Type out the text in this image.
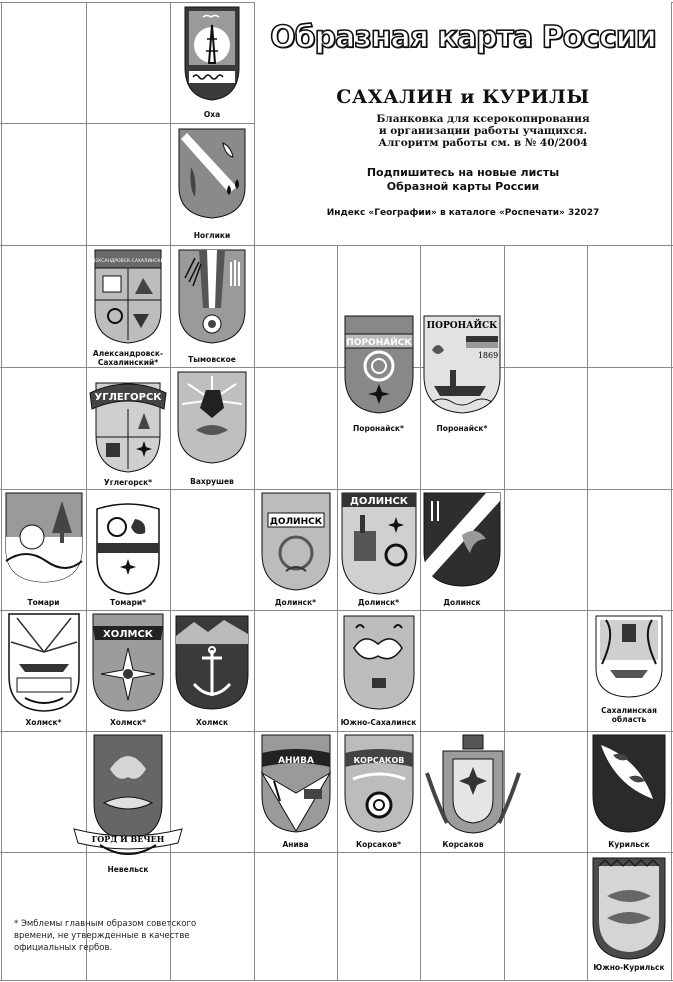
Образная карта России
САХАЛИН и КУРИЛЫ
Бланковка для ксерокопирования
и организации работы учащихся.
Алгоритм работы см. в № 40/2004
Подпишитесь на новые листы
Образной карты России
Индекс «Географии» в каталоге «Роспечати» 32027
Оха
Ноглики
АЛЕКСАНДРОВСК-САХАЛИНСКИЙ
Александровск-Сахалинский*	Тымовское
ПОРОНАЙСК
Поронайск*
ПОРОНАЙСК
1869
Поронайск*
УГЛЕГОРСК
Углегорск*	Вахрушев
Томари	Томари*
ДОЛИНСК
Долинск*
ДОЛИНСК
Долинск*	Долинск
Холмск*
ХОЛМСК
Холмск*	Холмск	Южно-Сахалинск
Сахалинская область
ГОРД И ВЕЧЕН
Невельск
АНИВА
Анива
КОРСАКОВ
Корсаков*	Корсаков	Курильск
Южно-Курильск
* Эмблемы главным образом советского времени, не утвержденные в качестве официальных гербов.
